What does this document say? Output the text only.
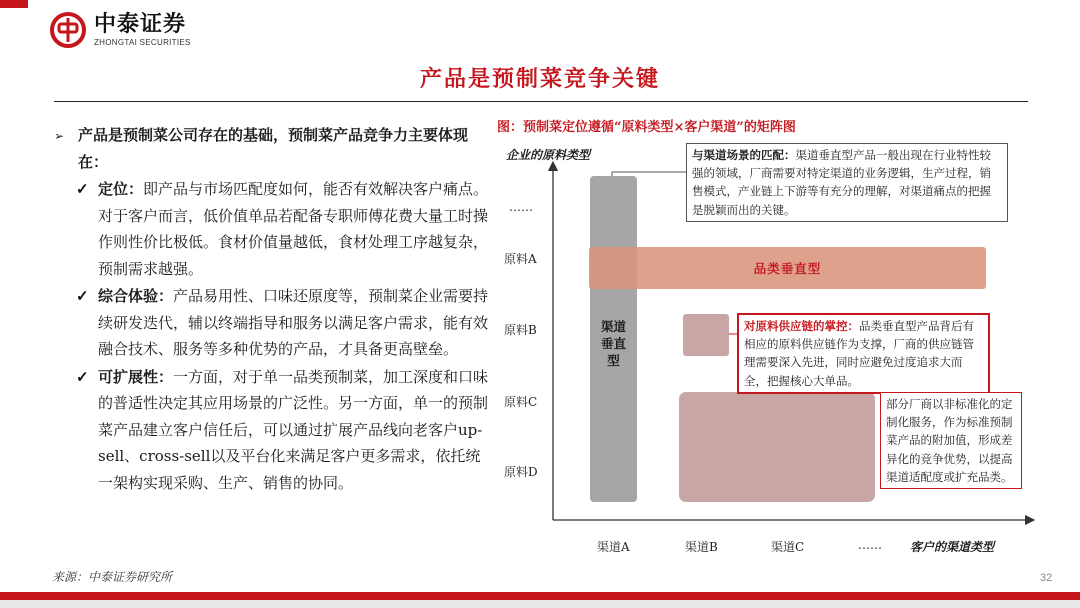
中泰证券
ZHONGTAI SECURITIES
产品是预制菜竞争关键
➢ 产品是预制菜公司存在的基础，预制菜产品竞争力主要体现在：
✓ 定位：即产品与市场匹配度如何，能否有效解决客户痛点。对于客户而言，低价值单品若配备专职师傅花费大量工时操作则性价比极低。食材价值量越低，食材处理工序越复杂，预制需求越强。
✓ 综合体验：产品易用性、口味还原度等，预制菜企业需要持续研发迭代，辅以终端指导和服务以满足客户需求，能有效融合技术、服务等多种优势的产品，才具备更高壁垒。
✓ 可扩展性：一方面，对于单一品类预制菜，加工深度和口味的普适性决定其应用场景的广泛性。另一方面，单一的预制菜产品建立客户信任后，可以通过扩展产品线向老客户up-sell、cross-sell以及平台化来满足客户更多需求，依托统一架构实现采购、生产、销售的协同。
图：预制菜定位遵循“原料类型×客户渠道”的矩阵图
企业的原料类型
客户的渠道类型
……
原料A
原料B
原料C
原料D
渠道A	渠道B	渠道C	……
品类垂直型
渠道
垂直
型
与渠道场景的匹配：渠道垂直型产品一般出现在行业特性较强的领域，厂商需要对特定渠道的业务逻辑，生产过程，销售模式，产业链上下游等有充分的理解，对渠道痛点的把握是脱颖而出的关键。
对原料供应链的掌控：品类垂直型产品背后有相应的原料供应链作为支撑，厂商的供应链管理需要深入先进，同时应避免过度追求大而全，把握核心大单品。
部分厂商以非标准化的定制化服务，作为标准预制菜产品的附加值，形成差异化的竞争优势，以提高渠道适配度或扩充品类。
来源：中泰证券研究所	32
